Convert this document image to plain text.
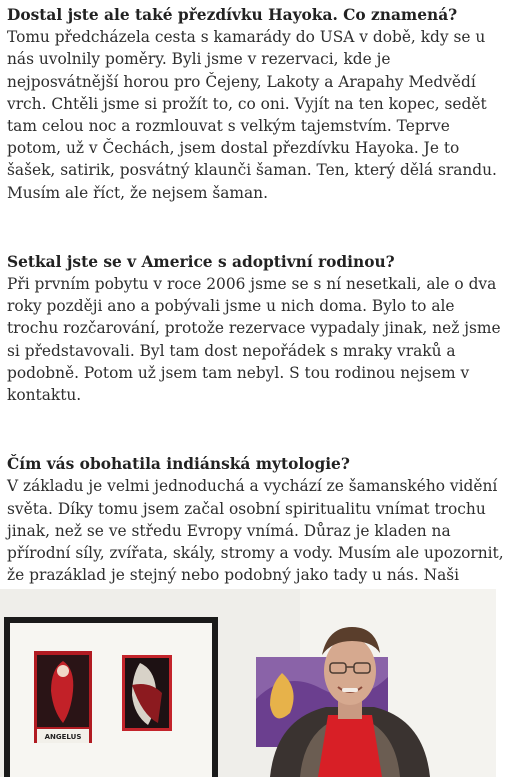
Dostal jste ale také přezdívku Hayoka. Co znamená?

Tomu předcházela cesta s kamarády do USA v době, kdy se u nás uvolnily poměry. Byli jsme v rezervaci, kde je nejposvátnější horou pro Čejeny, Lakoty a Arapahy Medvědí vrch. Chtěli jsme si prožít to, co oni. Vyjít na ten kopec, sedět tam celou noc a rozmlouvat s velkým tajemstvím. Teprve potom, už v Čechách, jsem dostal přezdívku Hayoka. Je to šašek, satirik, posvátný klaunči šaman. Ten, který dělá srandu. Musím ale říct, že nejsem šaman.

Setkal jste se v Americe s adoptivní rodinou?

Při prvním pobytu v roce 2006 jsme se s ní nesetkali, ale o dva roky později ano a pobývali jsme u nich doma. Bylo to ale trochu rozčarování, protože rezervace vypadaly jinak, než jsme si představovali. Byl tam dost nepořádek s mraky vraků a podobně. Potom už jsem tam nebyl. S tou rodinou nejsem v kontaktu.

Čím vás obohatila indiánská mytologie?

V základu je velmi jednoduchá a vychází ze šamanského vidění světa. Díky tomu jsem začal osobní spiritualitu vnímat trochu jinak, než se ve středu Evropy vnímá. Důraz je kladen na přírodní síly, zvířata, skály, stromy a vody. Musím ale upozornit, že prazáklad je stejný nebo podobný jako tady u nás. Naši

ANGELUS
